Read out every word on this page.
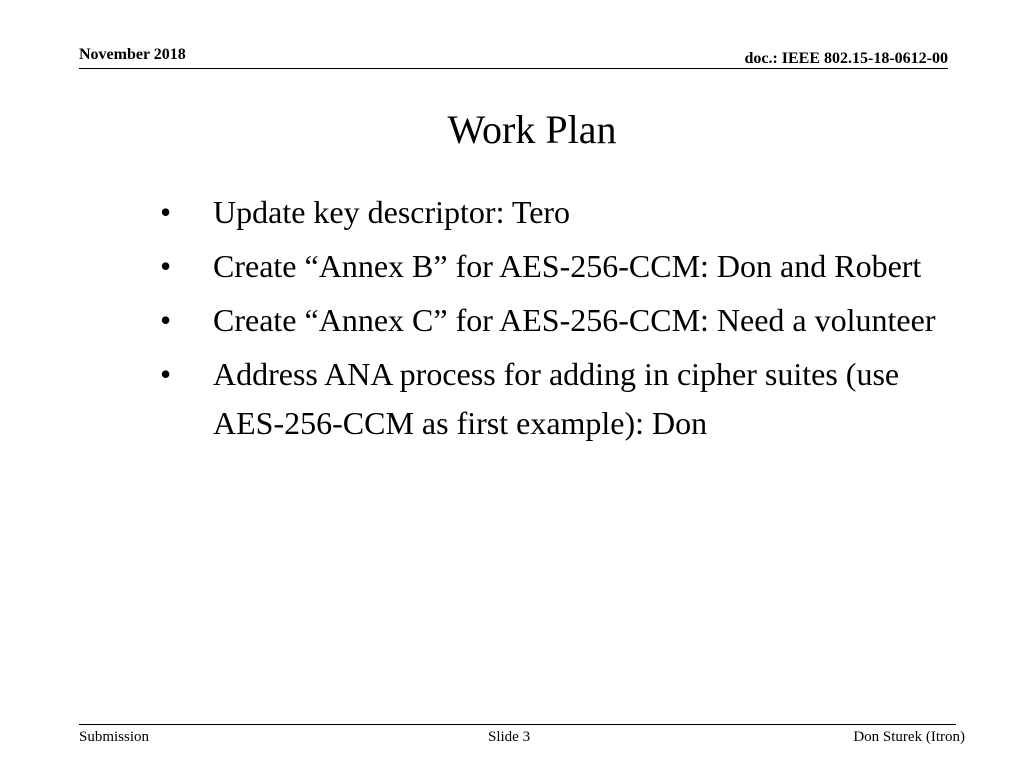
November 2018	doc.: IEEE 802.15-18-0612-00
Work Plan
•	Update key descriptor: Tero
•	Create “Annex B” for AES-256-CCM: Don and Robert
•	Create “Annex C” for AES-256-CCM: Need a volunteer
•	Address ANA process for adding in cipher suites (use AES-256-CCM as first example): Don
Submission	Slide 3	Don Sturek (Itron)
